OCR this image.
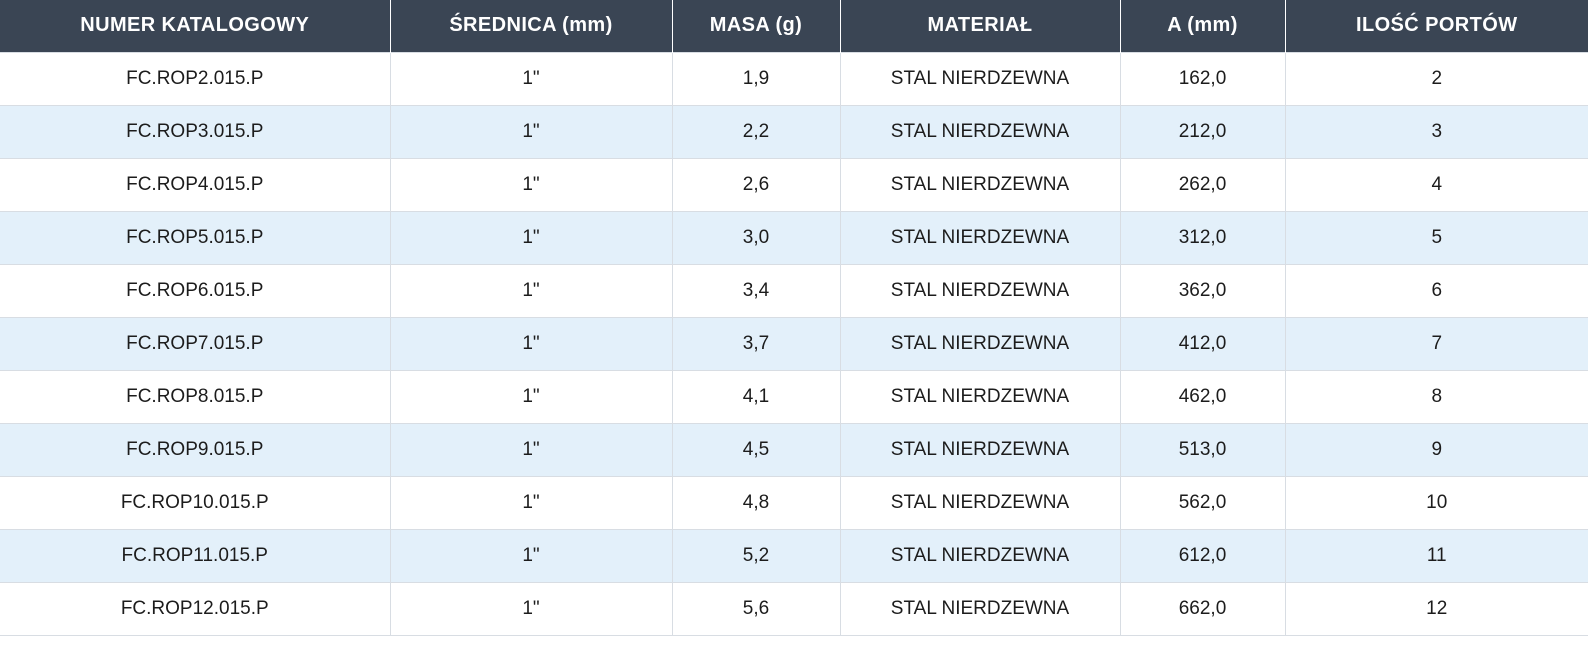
NUMER KATALOGOWY	ŚREDNICA (mm)	MASA (g)	MATERIAŁ	A (mm)	ILOŚĆ PORTÓW
FC.ROP2.015.P	1"	1,9	STAL NIERDZEWNA	162,0	2
FC.ROP3.015.P	1"	2,2	STAL NIERDZEWNA	212,0	3
FC.ROP4.015.P	1"	2,6	STAL NIERDZEWNA	262,0	4
FC.ROP5.015.P	1"	3,0	STAL NIERDZEWNA	312,0	5
FC.ROP6.015.P	1"	3,4	STAL NIERDZEWNA	362,0	6
FC.ROP7.015.P	1"	3,7	STAL NIERDZEWNA	412,0	7
FC.ROP8.015.P	1"	4,1	STAL NIERDZEWNA	462,0	8
FC.ROP9.015.P	1"	4,5	STAL NIERDZEWNA	513,0	9
FC.ROP10.015.P	1"	4,8	STAL NIERDZEWNA	562,0	10
FC.ROP11.015.P	1"	5,2	STAL NIERDZEWNA	612,0	11
FC.ROP12.015.P	1"	5,6	STAL NIERDZEWNA	662,0	12
